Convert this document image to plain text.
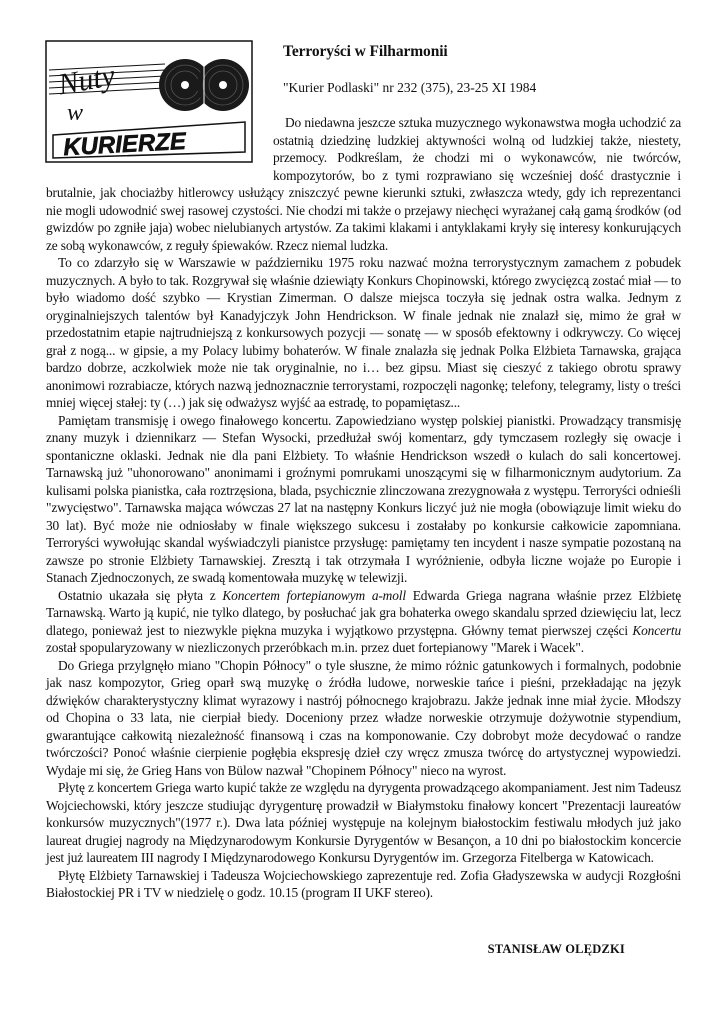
Nuty
w
KURIERZE
Terroryści w Filharmonii
"Kurier Podlaski" nr 232 (375), 23-25 XI 1984

Do niedawna jeszcze sztuka muzycznego wykonawstwa mogła uchodzić za ostatnią dziedzinę ludzkiej aktywności wolną od ludzkiej także, niestety, przemocy. Podkreślam, że chodzi mi o wykonawców, nie twórców, kompozytorów, bo z tymi rozprawiano się wcześniej dość drastycznie i brutalnie, jak chociażby hitlerowcy usłużący zniszczyć pewne kierunki sztuki, zwłaszcza wtedy, gdy ich reprezentanci nie mogli udowodnić swej rasowej czystości. Nie chodzi mi także o przejawy niechęci wyrażanej całą gamą środków (od gwizdów po zgniłe jaja) wobec nielubianych artystów. Za takimi klakami i antyklakami kryły się interesy konkurujących ze sobą wykonawców, z reguły śpiewaków. Rzecz niemal ludzka.

To co zdarzyło się w Warszawie w październiku 1975 roku nazwać można terrorystycznym zamachem z pobudek muzycznych. A było to tak. Rozgrywał się właśnie dziewiąty Konkurs Chopinowski, którego zwycięzcą zostać miał — to było wiadomo dość szybko — Krystian Zimerman. O dalsze miejsca toczyła się jednak ostra walka. Jednym z oryginalniejszych talentów był Kanadyjczyk John Hendrickson. W finale jednak nie znalazł się, mimo że grał w przedostatnim etapie najtrudniejszą z konkursowych pozycji — sonatę — w sposób efektowny i odkrywczy. Co więcej grał z nogą... w gipsie, a my Polacy lubimy bohaterów. W finale znalazła się jednak Polka Elżbieta Tarnawska, grająca bardzo dobrze, aczkolwiek może nie tak oryginalnie, no i… bez gipsu. Miast się cieszyć z takiego obrotu sprawy anonimowi rozrabiacze, których nazwą jednoznacznie terrorystami, rozpoczęli nagonkę; telefony, telegramy, listy o treści mniej więcej stałej: ty (…) jak się odważysz wyjść aa estradę, to popamiętasz...

Pamiętam transmisję i owego finałowego koncertu. Zapowiedziano występ polskiej pianistki. Prowadzący transmisję znany muzyk i dziennikarz — Stefan Wysocki, przedłużał swój komentarz, gdy tymczasem rozległy się owacje i spontaniczne oklaski. Jednak nie dla pani Elżbiety. To właśnie Hendrickson wszedł o kulach do sali koncertowej. Tarnawską już "uhonorowano" anonimami i groźnymi pomrukami unoszącymi się w filharmonicznym audytorium. Za kulisami polska pianistka, cała roztrzęsiona, blada, psychicznie zlinczowana zrezygnowała z występu. Terroryści odnieśli "zwycięstwo". Tarnawska mająca wówczas 27 lat na następny Konkurs liczyć już nie mogła (obowiązuje limit wieku do 30 lat). Być może nie odniosłaby w finale większego sukcesu i zostałaby po konkursie całkowicie zapomniana. Terroryści wywołując skandal wyświadczyli pianistce przysługę: pamiętamy ten incydent i nasze sympatie pozostaną na zawsze po stronie Elżbiety Tarnawskiej. Zresztą i tak otrzymała I wyróżnienie, odbyła liczne wojaże po Europie i Stanach Zjednoczonych, ze swadą komentowała muzykę w telewizji.

Ostatnio ukazała się płyta z Koncertem fortepianowym a-moll Edwarda Griega nagrana właśnie przez Elżbietę Tarnawską. Warto ją kupić, nie tylko dlatego, by posłuchać jak gra bohaterka owego skandalu sprzed dziewięciu lat, lecz dlatego, ponieważ jest to niezwykle piękna muzyka i wyjątkowo przystępna. Główny temat pierwszej części Koncertu został spopularyzowany w niezliczonych przeróbkach m.in. przez duet fortepianowy "Marek i Wacek".

Do Griega przylgnęło miano "Chopin Północy" o tyle słuszne, że mimo różnic gatunkowych i formalnych, podobnie jak nasz kompozytor, Grieg oparł swą muzykę o źródła ludowe, norweskie tańce i pieśni, przekładając na język dźwięków charakterystyczny klimat wyrazowy i nastrój północnego krajobrazu. Jakże jednak inne miał życie. Młodszy od Chopina o 33 lata, nie cierpiał biedy. Doceniony przez władze norweskie otrzymuje dożywotnie stypendium, gwarantujące całkowitą niezależność finansową i czas na komponowanie. Czy dobrobyt może decydować o randze twórczości? Ponoć właśnie cierpienie pogłębia ekspresję dzieł czy wręcz zmusza twórcę do artystycznej wypowiedzi. Wydaje mi się, że Grieg Hans von Bülow nazwał "Chopinem Północy" nieco na wyrost.

Płytę z koncertem Griega warto kupić także ze względu na dyrygenta prowadzącego akompaniament. Jest nim Tadeusz Wojciechowski, który jeszcze studiując dyrygenturę prowadził w Białymstoku finałowy koncert "Prezentacji laureatów konkursów muzycznych"(1977 r.). Dwa lata później występuje na kolejnym białostockim festiwalu młodych już jako laureat drugiej nagrody na Międzynarodowym Konkursie Dyrygentów w Besançon, a 10 dni po białostockim koncercie jest już laureatem III nagrody I Międzynarodowego Konkursu Dyrygentów im. Grzegorza Fitelberga w Katowicach.

Płytę Elżbiety Tarnawskiej i Tadeusza Wojciechowskiego zaprezentuje red. Zofia Gładyszewska w audycji Rozgłośni Białostockiej PR i TV w niedzielę o godz. 10.15 (program II UKF stereo).

STANISŁAW OLĘDZKI
